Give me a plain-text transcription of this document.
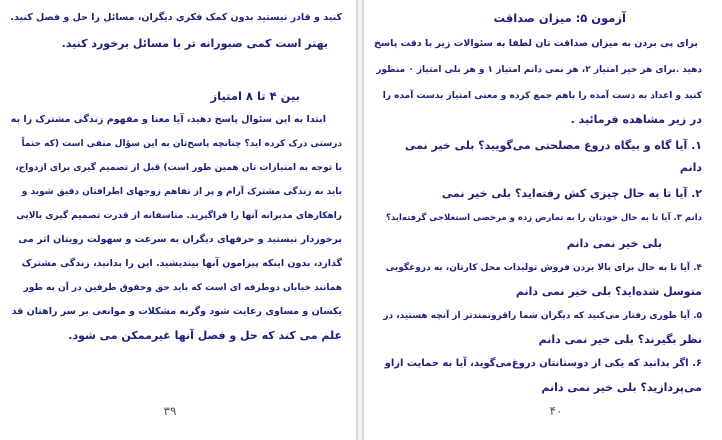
کنید و قادر نیستید بدون کمک فکری دیگران، مسائل را حل و فصل کنید.
بهتر است کمی صبورانه تر با مسائل برخورد کنید.
بین ۴ تا ۸ امتیاز
ابتدا به این سئوال پاسخ دهید، آیا معنا و مفهوم زندگی مشترک را به
درستی درک کرده اید؟ چنانچه پاسخ‌تان به این سؤال منفی است (که حتماً
با توجه به امتیازات تان همین طور است) قبل از تصمیم گیری برای ازدواج،
باید به زندگی مشترک آرام و پر از تفاهم زوجهای اطرافتان دقیق شوید و
راهکارهای مدبرانه آنها را فراگیرید. متاسفانه از قدرت تصمیم گیری بالایی
برخوردار نیستید و حرفهای دیگران به سرعت و سهولت رویتان اثر می
گذارد، بدون اینکه پیرامون آنها بیندیشید. این را بدانید، زندگی مشترک
همانند خیابان دوطرفه ای است که باید حق وحقوق طرفین در آن به طور
یکسان و مساوی رعایت شود وگرنه مشکلات و موانعی بر سر راهتان قد
علم می کند که حل و فصل آنها غیرممکن می شود.
۳۹
آزمون ۵: میزان صداقت
برای پی بردن به میزان صداقت تان لطفا به سئوالات زیر با دقت پاسخ
دهید .برای هر خیر امتیاز ۲، هر نمی دانم امتیاز ۱ و هر بلی امتیاز ۰ منظور
کنید و اعداد به دست آمده را باهم جمع کرده و معنی امتیاز بدست آمده را
در زیر مشاهده فرمائید .
۱. آیا گاه و بیگاه دروغ مصلحتی می‌گویید؟ بلی خیر نمی
دانم
۲. آیا تا به حال چیزی کش رفته‌اید؟ بلی خیر نمی
دانم ۳. آیا تا به حال خودتان را به تمارض زده و مرخصی استعلاجی گرفته‌اید؟
بلی خیر نمی دانم
۴. آیا تا به حال برای بالا بردن فروش تولیدات محل کارتان، به دروغگویی
متوسل شده‌اید؟ بلی خیر نمی دانم
۵. آیا طوری رفتار می‌کنید که دیگران شما را‌قرو‌تمندتر از آنچه هستید، در
نظر بگیرند؟ بلی خیر نمی دانم
۶. اگر بدانید که یکی از دوستانتان دروغ‌می‌گوید، آیا به حمایت ازاو
می‌پردازید؟ بلی خیر نمی دانم
۴۰
